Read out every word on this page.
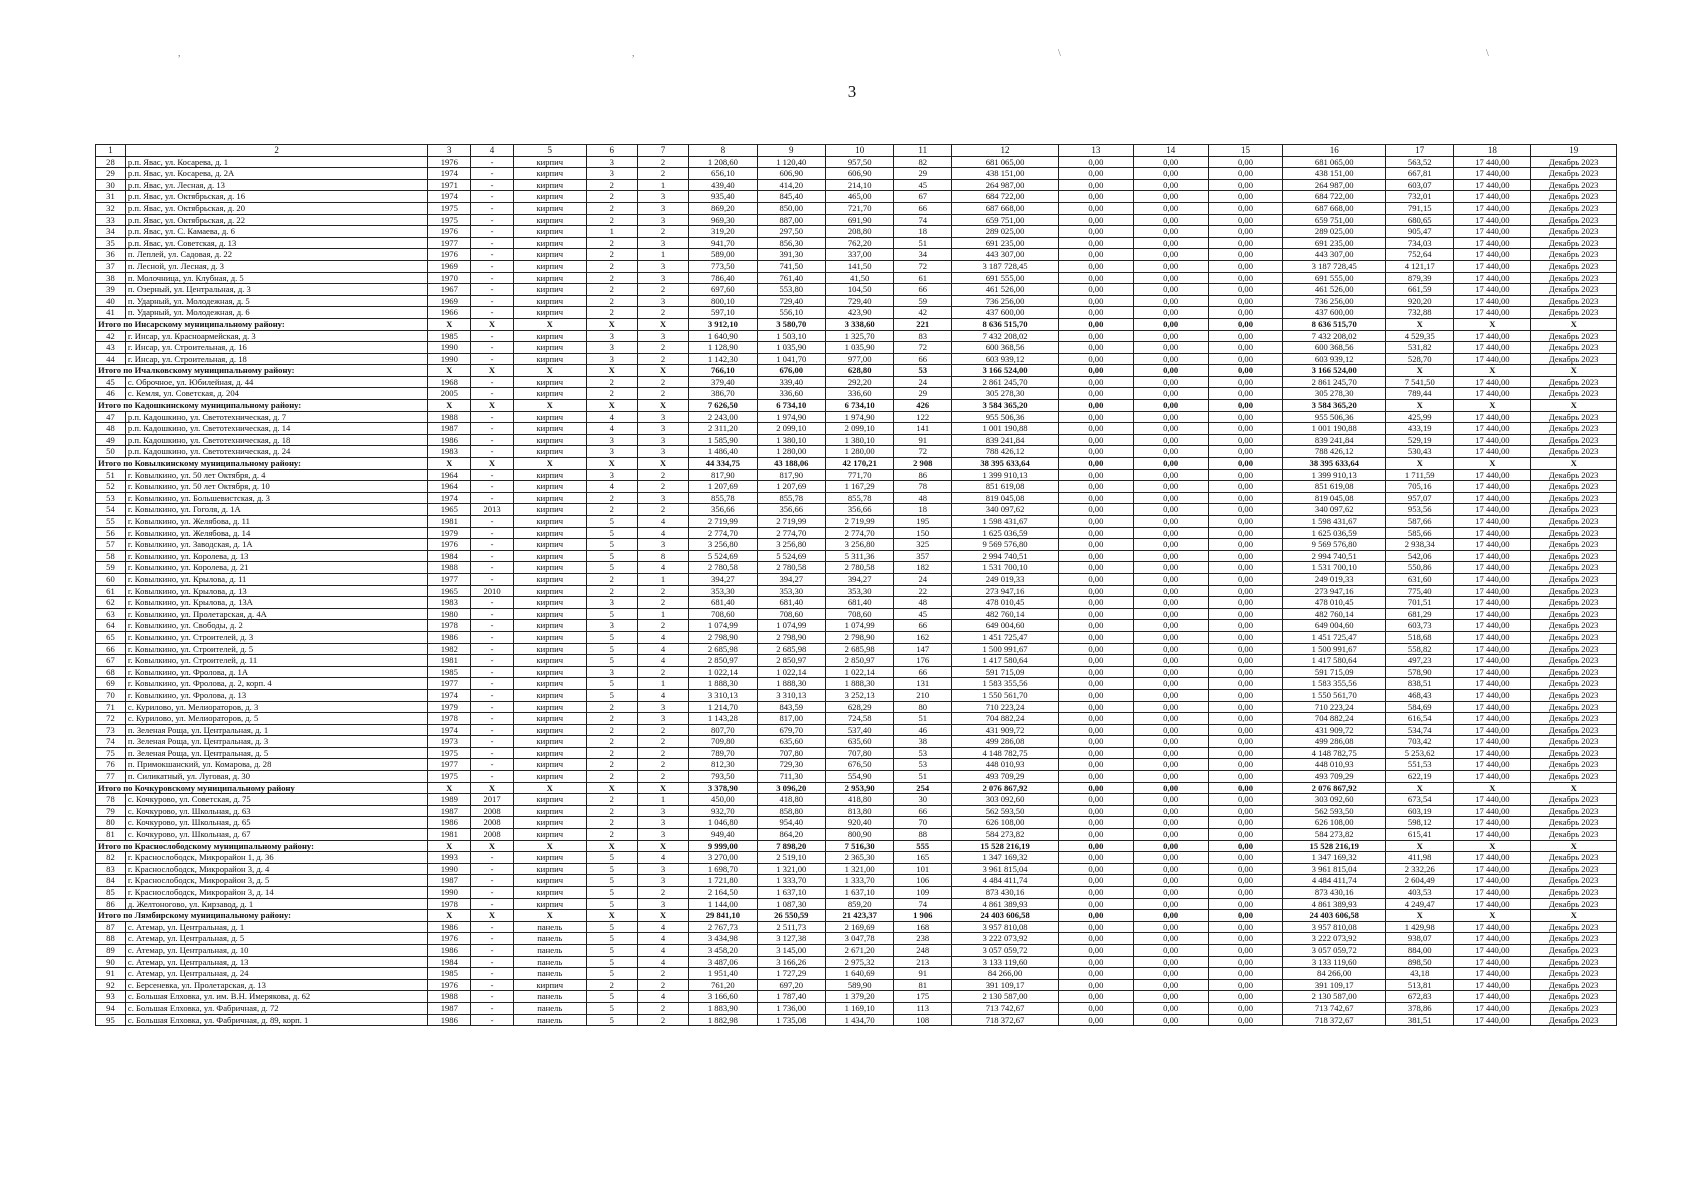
3
,	,	\	\
1	2	3	4	5	6	7	8	9	10	11	12	13	14	15	16	17	18	19
28	р.п. Явас, ул. Косарева, д. 1	1976	-	кирпич	3	2	1 208,60	1 120,40	957,50	82	681 065,00	0,00	0,00	0,00	681 065,00	563,52	17 440,00	Декабрь 2023
29	р.п. Явас, ул. Косарева, д. 2А	1974	-	кирпич	3	2	656,10	606,90	606,90	29	438 151,00	0,00	0,00	0,00	438 151,00	667,81	17 440,00	Декабрь 2023
30	р.п. Явас, ул. Лесная, д. 13	1971	-	кирпич	2	1	439,40	414,20	214,10	45	264 987,00	0,00	0,00	0,00	264 987,00	603,07	17 440,00	Декабрь 2023
31	р.п. Явас, ул. Октябрьская, д. 16	1974	-	кирпич	2	3	935,40	845,40	465,00	67	684 722,00	0,00	0,00	0,00	684 722,00	732,01	17 440,00	Декабрь 2023
32	р.п. Явас, ул. Октябрьская, д. 20	1975	-	кирпич	2	3	869,20	850,00	721,70	66	687 668,00	0,00	0,00	0,00	687 668,00	791,15	17 440,00	Декабрь 2023
33	р.п. Явас, ул. Октябрьская, д. 22	1975	-	кирпич	2	3	969,30	887,00	691,90	74	659 751,00	0,00	0,00	0,00	659 751,00	680,65	17 440,00	Декабрь 2023
34	р.п. Явас, ул. С. Камаева, д. 6	1976	-	кирпич	1	2	319,20	297,50	208,80	18	289 025,00	0,00	0,00	0,00	289 025,00	905,47	17 440,00	Декабрь 2023
35	р.п. Явас, ул. Советская, д. 13	1977	-	кирпич	2	3	941,70	856,30	762,20	51	691 235,00	0,00	0,00	0,00	691 235,00	734,03	17 440,00	Декабрь 2023
36	п. Леплей, ул. Садовая, д. 22	1976	-	кирпич	2	1	589,00	391,30	337,00	34	443 307,00	0,00	0,00	0,00	443 307,00	752,64	17 440,00	Декабрь 2023
37	п. Лесной, ул. Лесная, д. 3	1969	-	кирпич	2	3	773,50	741,50	141,50	72	3 187 728,45	0,00	0,00	0,00	3 187 728,45	4 121,17	17 440,00	Декабрь 2023
38	п. Молочница, ул. Клубная, д. 5	1970	-	кирпич	2	3	786,40	761,40	41,50	61	691 555,00	0,00	0,00	0,00	691 555,00	879,39	17 440,00	Декабрь 2023
39	п. Озерный, ул. Центральная, д. 3	1967	-	кирпич	2	2	697,60	553,80	104,50	66	461 526,00	0,00	0,00	0,00	461 526,00	661,59	17 440,00	Декабрь 2023
40	п. Ударный, ул. Молодежная, д. 5	1969	-	кирпич	2	3	800,10	729,40	729,40	59	736 256,00	0,00	0,00	0,00	736 256,00	920,20	17 440,00	Декабрь 2023
41	п. Ударный, ул. Молодежная, д. 6	1966	-	кирпич	2	2	597,10	556,10	423,90	42	437 600,00	0,00	0,00	0,00	437 600,00	732,88	17 440,00	Декабрь 2023
Итого по Инсарскому муниципальному району:		X	X	X	X	X	3 912,10	3 580,70	3 338,60	221	8 636 515,70	0,00	0,00	0,00	8 636 515,70	X	X	X
42	г. Инсар, ул. Красноармейская, д. 3	1985	-	кирпич	3	3	1 640,90	1 503,10	1 325,70	83	7 432 208,02	0,00	0,00	0,00	7 432 208,02	4 529,35	17 440,00	Декабрь 2023
43	г. Инсар, ул. Строительная, д. 16	1990	-	кирпич	3	2	1 128,90	1 035,90	1 035,90	72	600 368,56	0,00	0,00	0,00	600 368,56	531,82	17 440,00	Декабрь 2023
44	г. Инсар, ул. Строительная, д. 18	1990	-	кирпич	3	2	1 142,30	1 041,70	977,00	66	603 939,12	0,00	0,00	0,00	603 939,12	528,70	17 440,00	Декабрь 2023
Итого по Ичалковскому муниципальному району:		X	X	X	X	X	766,10	676,00	628,80	53	3 166 524,00	0,00	0,00	0,00	3 166 524,00	X	X	X
45	с. Оброчное, ул. Юбилейная, д. 44	1968	-	кирпич	2	2	379,40	339,40	292,20	24	2 861 245,70	0,00	0,00	0,00	2 861 245,70	7 541,50	17 440,00	Декабрь 2023
46	с. Кемля, ул. Советская, д. 204	2005	-	кирпич	2	2	386,70	336,60	336,60	29	305 278,30	0,00	0,00	0,00	305 278,30	789,44	17 440,00	Декабрь 2023
Итого по Кадошкинскому муниципальному району:		X	X	X	X	X	7 626,50	6 734,10	6 734,10	426	3 584 365,20	0,00	0,00	0,00	3 584 365,20	X	X	X
47	р.п. Кадошкино, ул. Светотехническая, д. 7	1988	-	кирпич	4	3	2 243,00	1 974,90	1 974,90	122	955 506,36	0,00	0,00	0,00	955 506,36	425,99	17 440,00	Декабрь 2023
48	р.п. Кадошкино, ул. Светотехническая, д. 14	1987	-	кирпич	4	3	2 311,20	2 099,10	2 099,10	141	1 001 190,88	0,00	0,00	0,00	1 001 190,88	433,19	17 440,00	Декабрь 2023
49	р.п. Кадошкино, ул. Светотехническая, д. 18	1986	-	кирпич	3	3	1 585,90	1 380,10	1 380,10	91	839 241,84	0,00	0,00	0,00	839 241,84	529,19	17 440,00	Декабрь 2023
50	р.п. Кадошкино, ул. Светотехническая, д. 24	1983	-	кирпич	3	3	1 486,40	1 280,00	1 280,00	72	788 426,12	0,00	0,00	0,00	788 426,12	530,43	17 440,00	Декабрь 2023
Итого по Ковылкинскому муниципальному району:		X	X	X	X	X	44 334,75	43 188,06	42 170,21	2 908	38 395 633,64	0,00	0,00	0,00	38 395 633,64	X	X	X
51	г. Ковылкино, ул. 50 лет Октября, д. 4	1964	-	кирпич	3	2	817,90	817,90	771,70	86	1 399 910,13	0,00	0,00	0,00	1 399 910,13	1 711,59	17 440,00	Декабрь 2023
52	г. Ковылкино, ул. 50 лет Октября, д. 10	1964	-	кирпич	4	2	1 207,69	1 207,69	1 167,29	78	851 619,08	0,00	0,00	0,00	851 619,08	705,16	17 440,00	Декабрь 2023
53	г. Ковылкино, ул. Большевистская, д. 3	1974	-	кирпич	2	3	855,78	855,78	855,78	48	819 045,08	0,00	0,00	0,00	819 045,08	957,07	17 440,00	Декабрь 2023
54	г. Ковылкино, ул. Гоголя, д. 1А	1965	2013	кирпич	2	2	356,66	356,66	356,66	18	340 097,62	0,00	0,00	0,00	340 097,62	953,56	17 440,00	Декабрь 2023
55	г. Ковылкино, ул. Желябова, д. 11	1981	-	кирпич	5	4	2 719,99	2 719,99	2 719,99	195	1 598 431,67	0,00	0,00	0,00	1 598 431,67	587,66	17 440,00	Декабрь 2023
56	г. Ковылкино, ул. Желябова, д. 14	1979	-	кирпич	5	4	2 774,70	2 774,70	2 774,70	150	1 625 036,59	0,00	0,00	0,00	1 625 036,59	585,66	17 440,00	Декабрь 2023
57	г. Ковылкино, ул. Заводская, д. 1А	1976	-	кирпич	5	3	3 256,80	3 256,80	3 256,80	325	9 569 576,80	0,00	0,00	0,00	9 569 576,80	2 938,34	17 440,00	Декабрь 2023
58	г. Ковылкино, ул. Королева, д. 13	1984	-	кирпич	5	8	5 524,69	5 524,69	5 311,36	357	2 994 740,51	0,00	0,00	0,00	2 994 740,51	542,06	17 440,00	Декабрь 2023
59	г. Ковылкино, ул. Королева, д. 21	1988	-	кирпич	5	4	2 780,58	2 780,58	2 780,58	182	1 531 700,10	0,00	0,00	0,00	1 531 700,10	550,86	17 440,00	Декабрь 2023
60	г. Ковылкино, ул. Крылова, д. 11	1977	-	кирпич	2	1	394,27	394,27	394,27	24	249 019,33	0,00	0,00	0,00	249 019,33	631,60	17 440,00	Декабрь 2023
61	г. Ковылкино, ул. Крылова, д. 13	1965	2010	кирпич	2	2	353,30	353,30	353,30	22	273 947,16	0,00	0,00	0,00	273 947,16	775,40	17 440,00	Декабрь 2023
62	г. Ковылкино, ул. Крылова, д. 13А	1983	-	кирпич	3	2	681,40	681,40	681,40	48	478 010,45	0,00	0,00	0,00	478 010,45	701,51	17 440,00	Декабрь 2023
63	г. Ковылкино, ул. Пролетарская, д. 4А	1980	-	кирпич	5	1	708,60	708,60	708,60	45	482 760,14	0,00	0,00	0,00	482 760,14	681,29	17 440,00	Декабрь 2023
64	г. Ковылкино, ул. Свободы, д. 2	1978	-	кирпич	3	2	1 074,99	1 074,99	1 074,99	66	649 004,60	0,00	0,00	0,00	649 004,60	603,73	17 440,00	Декабрь 2023
65	г. Ковылкино, ул. Строителей, д. 3	1986	-	кирпич	5	4	2 798,90	2 798,90	2 798,90	162	1 451 725,47	0,00	0,00	0,00	1 451 725,47	518,68	17 440,00	Декабрь 2023
66	г. Ковылкино, ул. Строителей, д. 5	1982	-	кирпич	5	4	2 685,98	2 685,98	2 685,98	147	1 500 991,67	0,00	0,00	0,00	1 500 991,67	558,82	17 440,00	Декабрь 2023
67	г. Ковылкино, ул. Строителей, д. 11	1981	-	кирпич	5	4	2 850,97	2 850,97	2 850,97	176	1 417 580,64	0,00	0,00	0,00	1 417 580,64	497,23	17 440,00	Декабрь 2023
68	г. Ковылкино, ул. Фролова, д. 1А	1985	-	кирпич	3	2	1 022,14	1 022,14	1 022,14	66	591 715,09	0,00	0,00	0,00	591 715,09	578,90	17 440,00	Декабрь 2023
69	г. Ковылкино, ул. Фролова, д. 2, корп. 4	1977	-	кирпич	5	1	1 888,30	1 888,30	1 888,30	131	1 583 355,56	0,00	0,00	0,00	1 583 355,56	838,51	17 440,00	Декабрь 2023
70	г. Ковылкино, ул. Фролова, д. 13	1974	-	кирпич	5	4	3 310,13	3 310,13	3 252,13	210	1 550 561,70	0,00	0,00	0,00	1 550 561,70	468,43	17 440,00	Декабрь 2023
71	с. Курилово, ул. Мелиораторов, д. 3	1979	-	кирпич	2	3	1 214,70	843,59	628,29	80	710 223,24	0,00	0,00	0,00	710 223,24	584,69	17 440,00	Декабрь 2023
72	с. Курилово, ул. Мелиораторов, д. 5	1978	-	кирпич	2	3	1 143,28	817,00	724,58	51	704 882,24	0,00	0,00	0,00	704 882,24	616,54	17 440,00	Декабрь 2023
73	п. Зеленая Роща, ул. Центральная, д. 1	1974	-	кирпич	2	2	807,70	679,70	537,40	46	431 909,72	0,00	0,00	0,00	431 909,72	534,74	17 440,00	Декабрь 2023
74	п. Зеленая Роща, ул. Центральная, д. 3	1973	-	кирпич	2	2	709,80	635,60	635,60	38	499 286,08	0,00	0,00	0,00	499 286,08	703,42	17 440,00	Декабрь 2023
75	п. Зеленая Роща, ул. Центральная, д. 5	1975	-	кирпич	2	2	789,70	707,80	707,80	53	4 148 782,75	0,00	0,00	0,00	4 148 782,75	5 253,62	17 440,00	Декабрь 2023
76	п. Примокшанский, ул. Комарова, д. 28	1977	-	кирпич	2	2	812,30	729,30	676,50	53	448 010,93	0,00	0,00	0,00	448 010,93	551,53	17 440,00	Декабрь 2023
77	п. Силикатный, ул. Луговая, д. 30	1975	-	кирпич	2	2	793,50	711,30	554,90	51	493 709,29	0,00	0,00	0,00	493 709,29	622,19	17 440,00	Декабрь 2023
Итого по Кочкуровскому муниципальному району		X	X	X	X	X	3 378,90	3 096,20	2 953,90	254	2 076 867,92	0,00	0,00	0,00	2 076 867,92	X	X	X
78	с. Кочкурово, ул. Советская, д. 75	1989	2017	кирпич	2	1	450,00	418,80	418,80	30	303 092,60	0,00	0,00	0,00	303 092,60	673,54	17 440,00	Декабрь 2023
79	с. Кочкурово, ул. Школьная, д. 63	1987	2008	кирпич	2	3	932,70	858,80	813,80	66	562 593,50	0,00	0,00	0,00	562 593,50	603,19	17 440,00	Декабрь 2023
80	с. Кочкурово, ул. Школьная, д. 65	1986	2008	кирпич	2	3	1 046,80	954,40	920,40	70	626 108,00	0,00	0,00	0,00	626 108,00	598,12	17 440,00	Декабрь 2023
81	с. Кочкурово, ул. Школьная, д. 67	1981	2008	кирпич	2	3	949,40	864,20	800,90	88	584 273,82	0,00	0,00	0,00	584 273,82	615,41	17 440,00	Декабрь 2023
Итого по Краснослободскому муниципальному району:		X	X	X	X	X	9 999,00	7 898,20	7 516,30	555	15 528 216,19	0,00	0,00	0,00	15 528 216,19	X	X	X
82	г. Краснослободск, Микрорайон 1, д. 36	1993	-	кирпич	5	4	3 270,00	2 519,10	2 365,30	165	1 347 169,32	0,00	0,00	0,00	1 347 169,32	411,98	17 440,00	Декабрь 2023
83	г. Краснослободск, Микрорайон 3, д. 4	1990	-	кирпич	5	3	1 698,70	1 321,00	1 321,00	101	3 961 815,04	0,00	0,00	0,00	3 961 815,04	2 332,26	17 440,00	Декабрь 2023
84	г. Краснослободск, Микрорайон 3, д. 5	1987	-	кирпич	5	3	1 721,80	1 333,70	1 333,70	106	4 484 411,74	0,00	0,00	0,00	4 484 411,74	2 604,49	17 440,00	Декабрь 2023
85	г. Краснослободск, Микрорайон 3, д. 14	1990	-	кирпич	5	2	2 164,50	1 637,10	1 637,10	109	873 430,16	0,00	0,00	0,00	873 430,16	403,53	17 440,00	Декабрь 2023
86	д. Желтоногово, ул. Кирзавод, д. 1	1978	-	кирпич	5	3	1 144,00	1 087,30	859,20	74	4 861 389,93	0,00	0,00	0,00	4 861 389,93	4 249,47	17 440,00	Декабрь 2023
Итого по Лямбирскому муниципальному району:		X	X	X	X	X	29 841,10	26 550,59	21 423,37	1 906	24 403 606,58	0,00	0,00	0,00	24 403 606,58	X	X	X
87	с. Атемар, ул. Центральная, д. 1	1986	-	панель	5	4	2 767,73	2 511,73	2 169,69	168	3 957 810,08	0,00	0,00	0,00	3 957 810,08	1 429,98	17 440,00	Декабрь 2023
88	с. Атемар, ул. Центральная, д. 5	1976	-	панель	5	4	3 434,98	3 127,38	3 047,78	238	3 222 073,92	0,00	0,00	0,00	3 222 073,92	938,07	17 440,00	Декабрь 2023
89	с. Атемар, ул. Центральная, д. 10	1986	-	панель	5	4	3 458,20	3 145,00	2 671,20	248	3 057 059,72	0,00	0,00	0,00	3 057 059,72	884,00	17 440,00	Декабрь 2023
90	с. Атемар, ул. Центральная, д. 13	1984	-	панель	5	4	3 487,06	3 166,26	2 975,32	213	3 133 119,60	0,00	0,00	0,00	3 133 119,60	898,50	17 440,00	Декабрь 2023
91	с. Атемар, ул. Центральная, д. 24	1985	-	панель	5	2	1 951,40	1 727,29	1 640,69	91	84 266,00	0,00	0,00	0,00	84 266,00	43,18	17 440,00	Декабрь 2023
92	с. Берсеневка, ул. Пролетарская, д. 13	1976	-	кирпич	2	2	761,20	697,20	589,90	81	391 109,17	0,00	0,00	0,00	391 109,17	513,81	17 440,00	Декабрь 2023
93	с. Большая Елховка, ул. им. В.Н. Имерякова, д. 62	1988	-	панель	5	4	3 166,60	1 787,40	1 379,20	175	2 130 587,00	0,00	0,00	0,00	2 130 587,00	672,83	17 440,00	Декабрь 2023
94	с. Большая Елховка, ул. Фабричная, д. 72	1987	-	панель	5	2	1 883,90	1 736,00	1 169,10	113	713 742,67	0,00	0,00	0,00	713 742,67	378,86	17 440,00	Декабрь 2023
95	с. Большая Елховка, ул. Фабричная, д. 89, корп. 1	1986	-	панель	5	2	1 882,98	1 735,08	1 434,70	108	718 372,67	0,00	0,00	0,00	718 372,67	381,51	17 440,00	Декабрь 2023
